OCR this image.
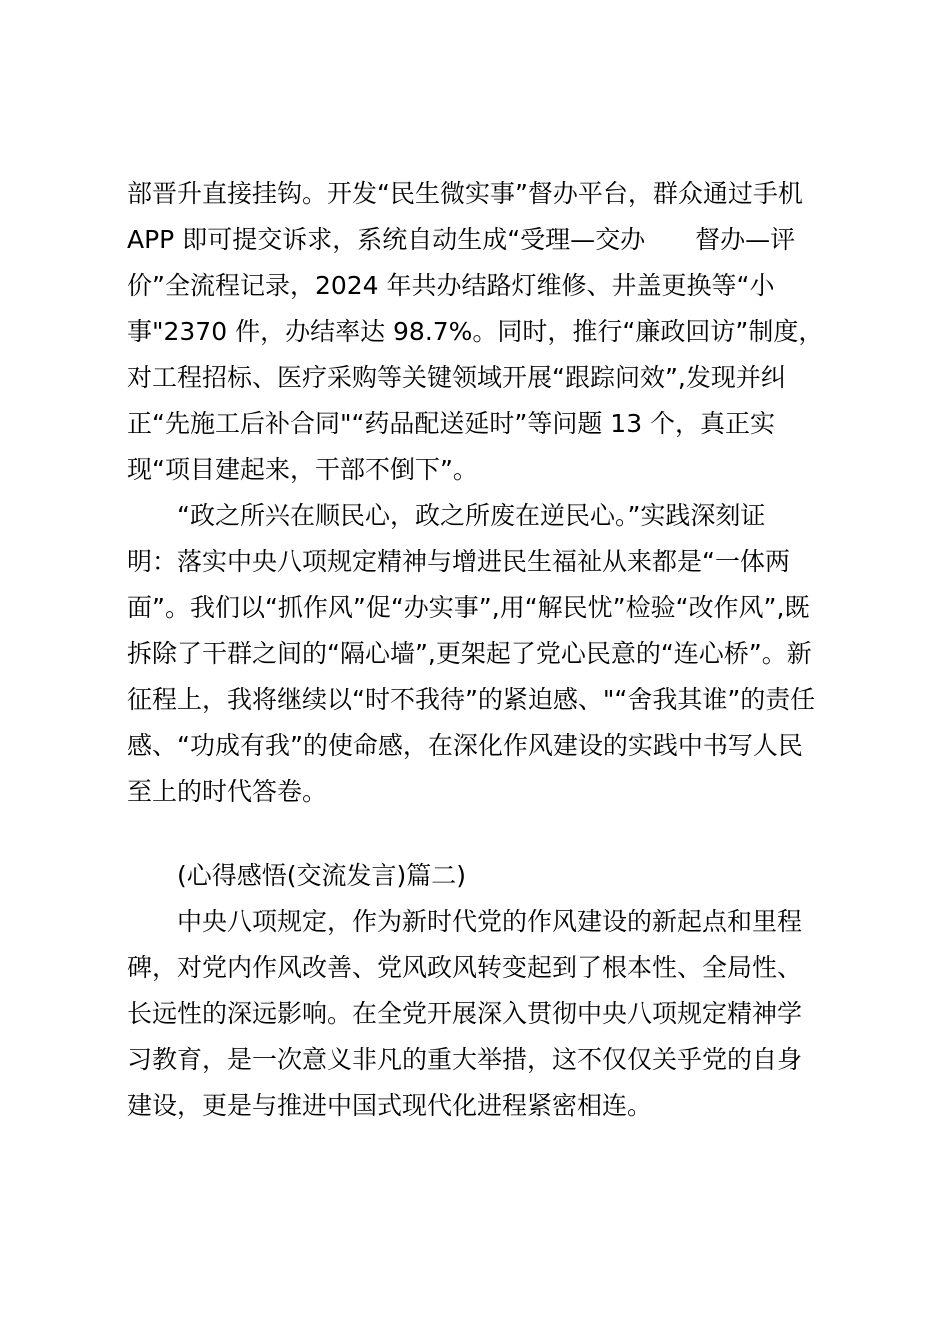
部晋升直接挂钩。开发“民生微实事”督办平台，群众通过手机
APP 即可提交诉求，系统自动生成“受理—交办　　督办—评
价”全流程记录，2024 年共办结路灯维修、井盖更换等“小
事"2370 件，办结率达 98.7%。同时，推行“廉政回访”制度，
对工程招标、医疗采购等关键领域开展“跟踪问效”,发现并纠
正“先施工后补合同"“药品配送延时”等问题 13 个，真正实
现“项目建起来，干部不倒下”。
“政之所兴在顺民心，政之所废在逆民心。”实践深刻证
明：落实中央八项规定精神与增进民生福祉从来都是“一体两
面”。我们以“抓作风”促“办实事”,用“解民忧”检验“改作风”,既
拆除了干群之间的“隔心墙”,更架起了党心民意的“连心桥”。新
征程上，我将继续以“时不我待”的紧迫感、"“舍我其谁”的责任
感、“功成有我”的使命感，在深化作风建设的实践中书写人民
至上的时代答卷。
(心得感悟(交流发言)篇二)
中央八项规定，作为新时代党的作风建设的新起点和里程
碑，对党内作风改善、党风政风转变起到了根本性、全局性、
长远性的深远影响。在全党开展深入贯彻中央八项规定精神学
习教育，是一次意义非凡的重大举措，这不仅仅关乎党的自身
建设，更是与推进中国式现代化进程紧密相连。
